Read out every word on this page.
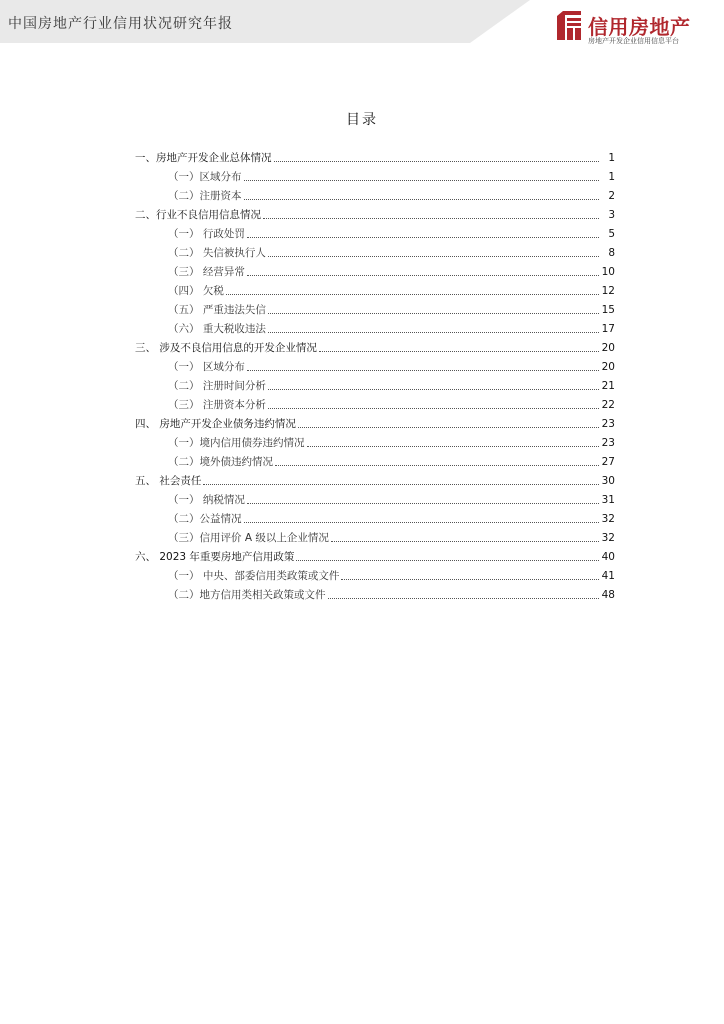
中国房地产行业信用状况研究年报	信用房地产
房地产开发企业信用信息平台
目录
一、房地产开发企业总体情况	1
（一）区域分布	1
（二）注册资本	2
二、行业不良信用信息情况	3
（一） 行政处罚	5
（二） 失信被执行人	8
（三） 经营异常	10
（四） 欠税	12
（五） 严重违法失信	15
（六） 重大税收违法	17
三、 涉及不良信用信息的开发企业情况	20
（一） 区域分布	20
（二） 注册时间分析	21
（三） 注册资本分析	22
四、 房地产开发企业债务违约情况	23
（一）境内信用债券违约情况	23
（二）境外债违约情况	27
五、 社会责任	30
（一） 纳税情况	31
（二）公益情况	32
（三）信用评价 A 级以上企业情况	32
六、 2023 年重要房地产信用政策	40
（一） 中央、部委信用类政策或文件	41
（二）地方信用类相关政策或文件	48
